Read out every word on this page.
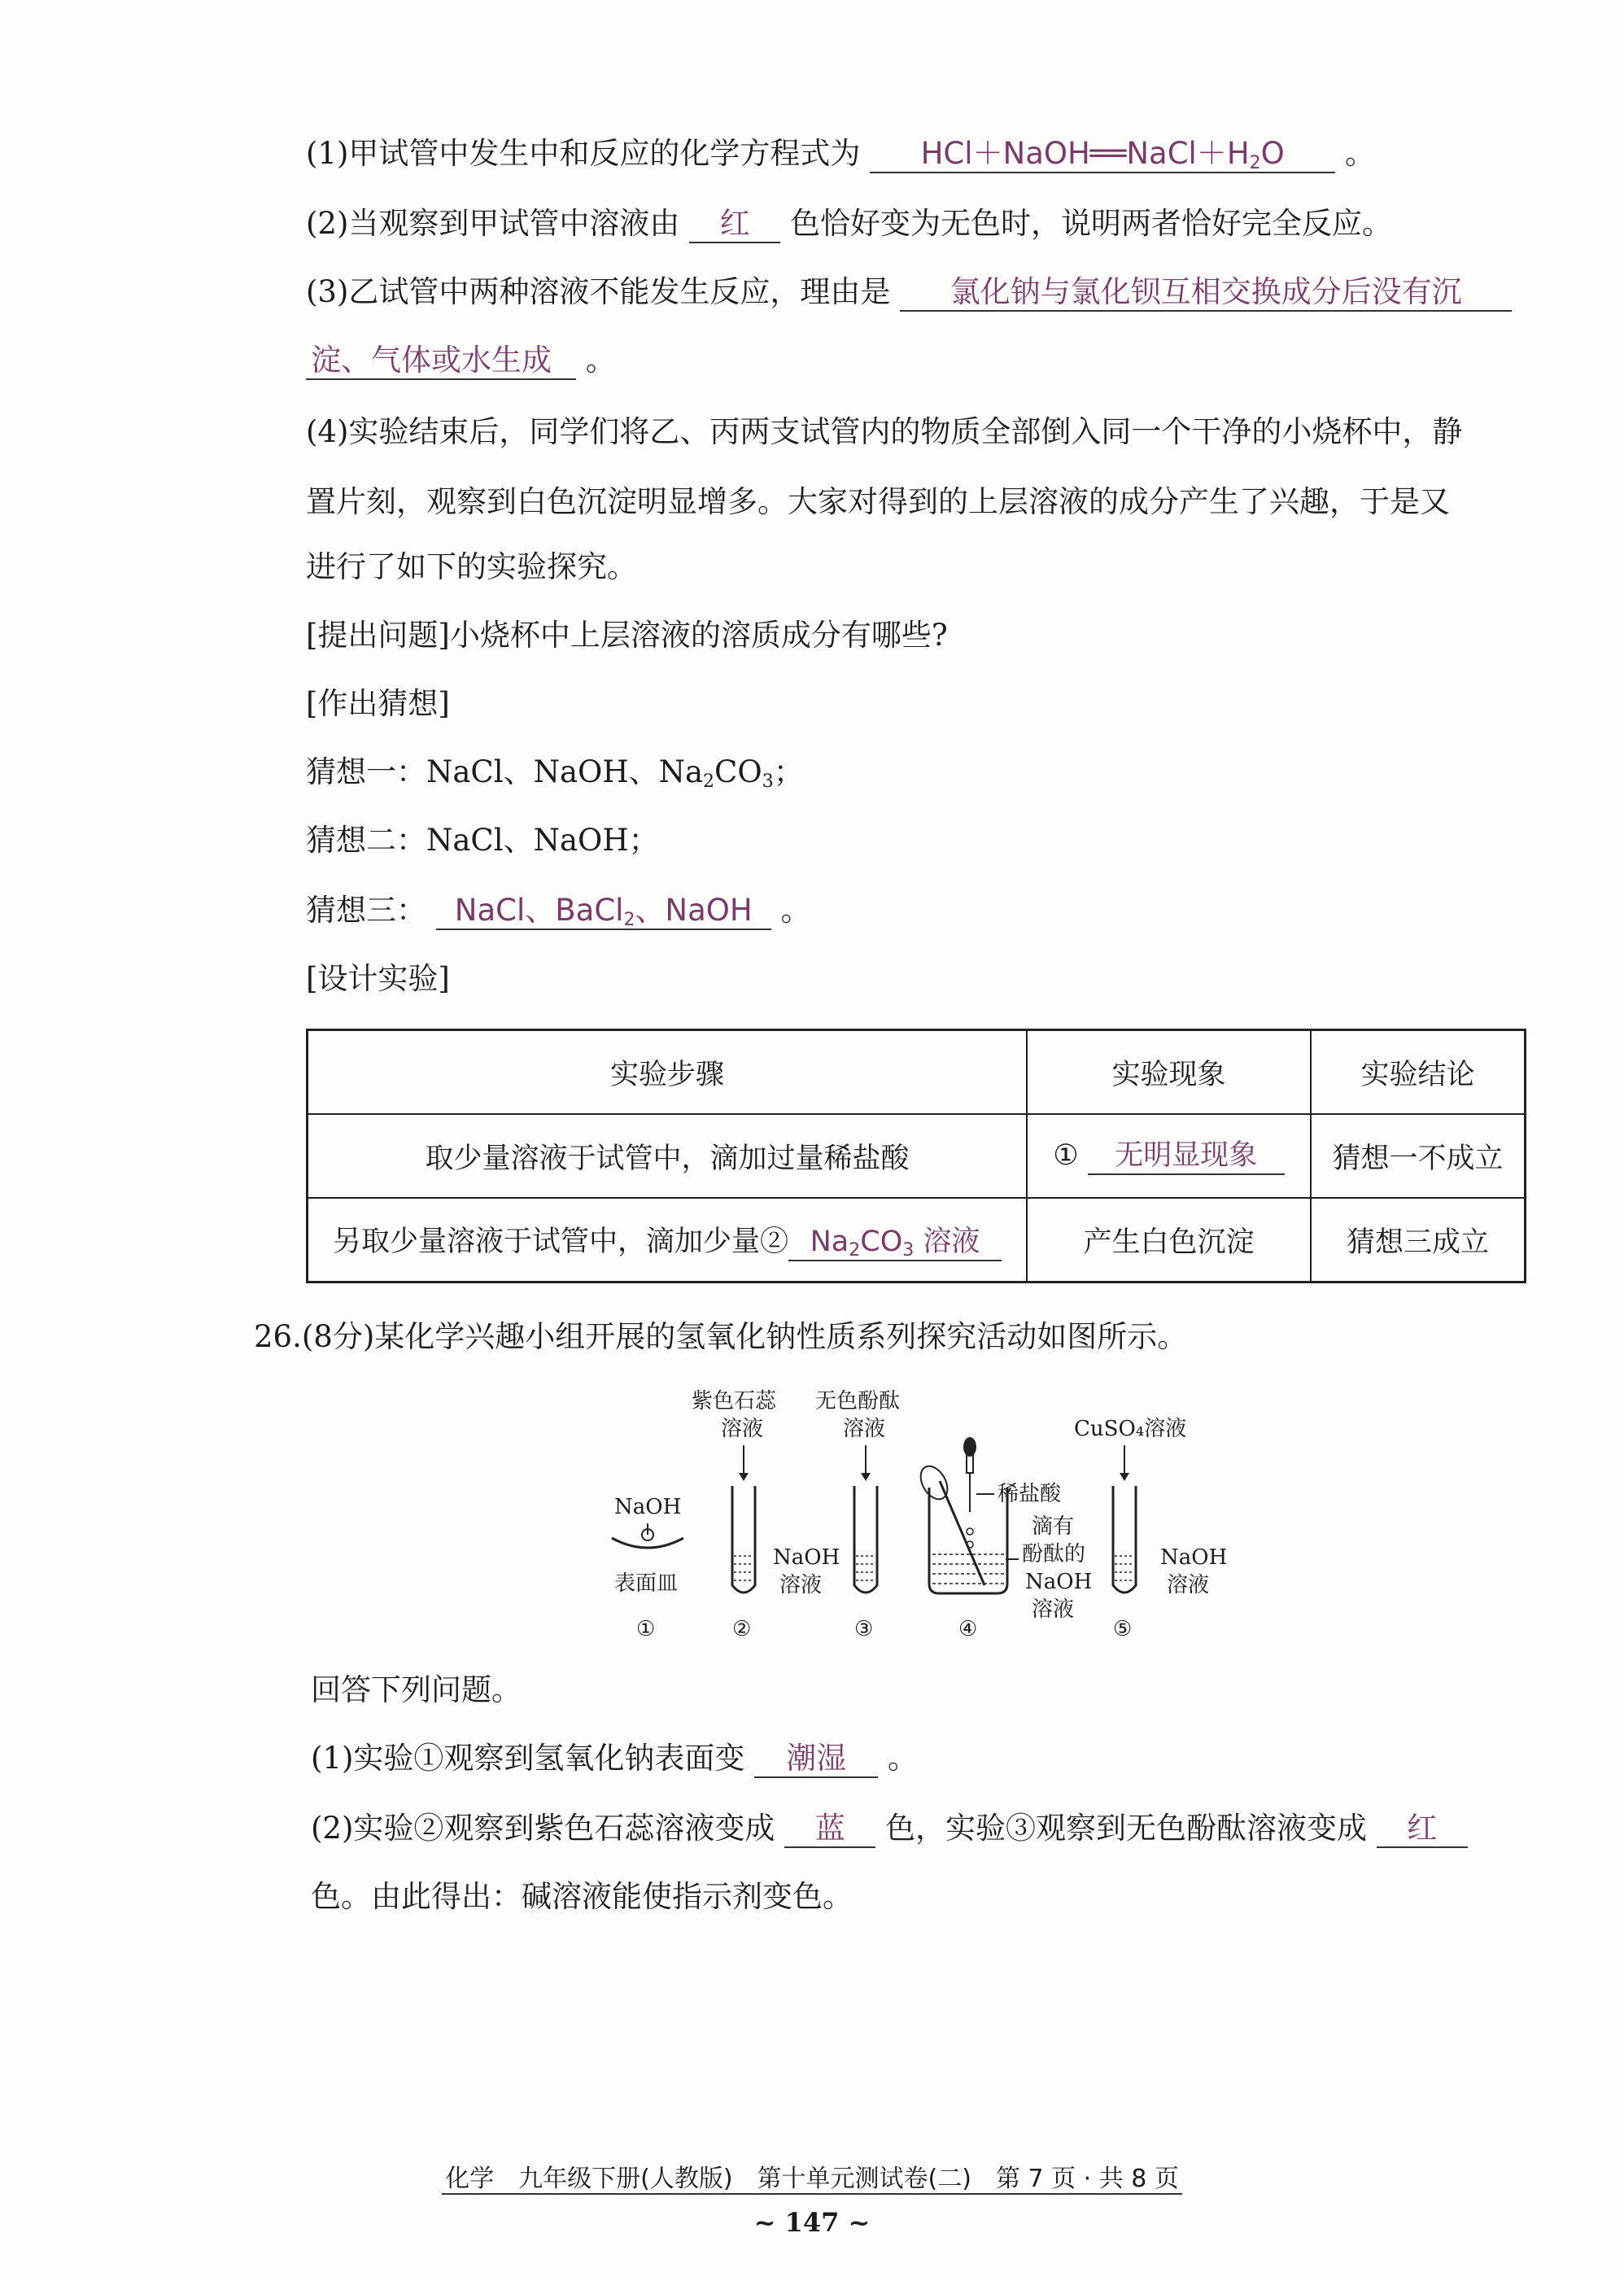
(1)甲试管中发生中和反应的化学方程式为 $HCl+NaOH══NaCl+H_2O$ 。
(2)当观察到甲试管中溶液由 红 色恰好变为无色时，说明两者恰好完全反应。
(3)乙试管中两种溶液不能发生反应，理由是 氯化钠与氯化钡互相交换成分后没有沉
淀、气体或水生成 。
(4)实验结束后，同学们将乙、丙两支试管内的物质全部倒入同一个干净的小烧杯中，静
置片刻，观察到白色沉淀明显增多。大家对得到的上层溶液的成分产生了兴趣，于是又
进行了如下的实验探究。
[提出问题]小烧杯中上层溶液的溶质成分有哪些?
[作出猜想]
猜想一：NaCl、NaOH、$Na_2CO_3$；
猜想二：NaCl、NaOH；
猜想三： NaCl、BaCl$_2$、NaOH 。
[设计实验]
实验步骤	实验现象	实验结论
取少量溶液于试管中，滴加过量稀盐酸	① 无明显现象	猜想一不成立
另取少量溶液于试管中，滴加少量② $Na_2CO_3$ 溶液	产生白色沉淀	猜想三成立
26.(8分)某化学兴趣小组开展的氢氧化钠性质系列探究活动如图所示。
NaOH
表面皿
紫色石蕊
溶液
NaOH
溶液
无色酚酞
溶液
稀盐酸
滴有
酚酞的
NaOH
溶液
CuSO₄溶液
NaOH
溶液
①	②	③	④	⑤
回答下列问题。
(1)实验①观察到氢氧化钠表面变 潮湿 。
(2)实验②观察到紫色石蕊溶液变成 蓝 色，实验③观察到无色酚酞溶液变成 红
色。由此得出：碱溶液能使指示剂变色。
化学　九年级下册(人教版)　第十单元测试卷(二)　第 7 页 · 共 8 页
~ 147 ~
